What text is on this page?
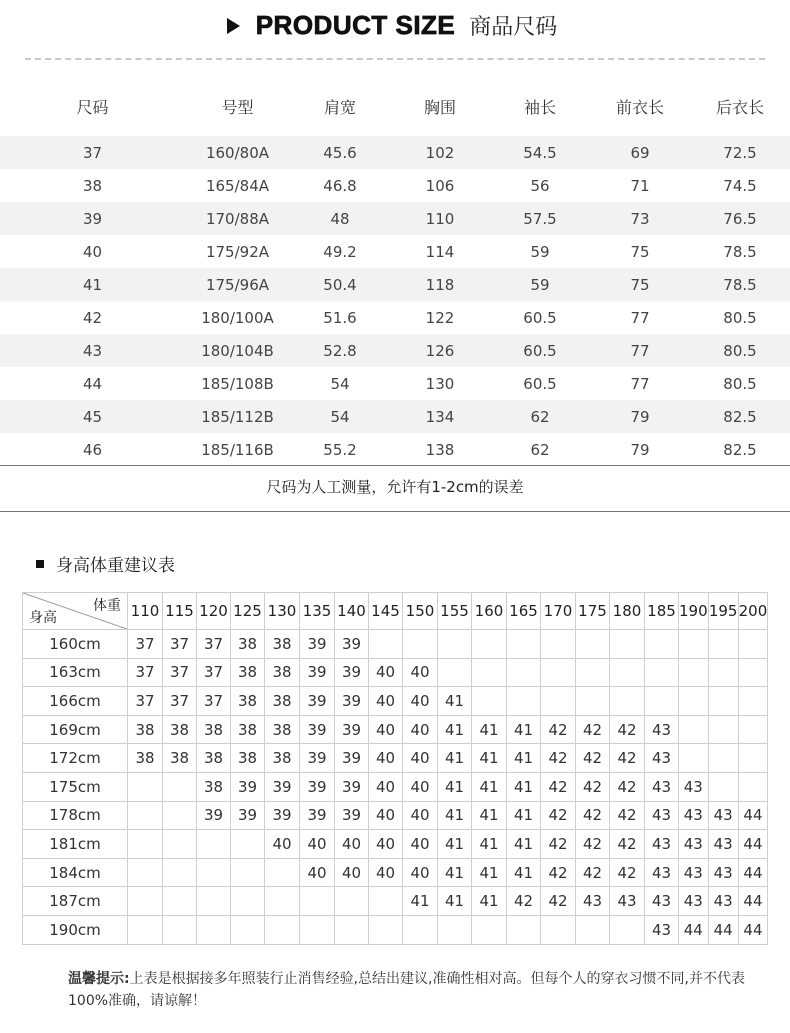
PRODUCT SIZE 商品尺码
尺码	号型	肩宽	胸围	袖长	前衣长	后衣长
37	160/80A	45.6	102	54.5	69	72.5
38	165/84A	46.8	106	56	71	74.5
39	170/88A	48	110	57.5	73	76.5
40	175/92A	49.2	114	59	75	78.5
41	175/96A	50.4	118	59	75	78.5
42	180/100A	51.6	122	60.5	77	80.5
43	180/104B	52.8	126	60.5	77	80.5
44	185/108B	54	130	60.5	77	80.5
45	185/112B	54	134	62	79	82.5
46	185/116B	55.2	138	62	79	82.5
尺码为人工测量，允许有1-2cm的误差
身高体重建议表
体重
身高	110	115	120	125	130	135	140	145	150	155	160	165	170	175	180	185	190	195	200
160cm	37	37	37	38	38	39	39												
163cm	37	37	37	38	38	39	39	40	40										
166cm	37	37	37	38	38	39	39	40	40	41									
169cm	38	38	38	38	38	39	39	40	40	41	41	41	42	42	42	43			
172cm	38	38	38	38	38	39	39	40	40	41	41	41	42	42	42	43			
175cm			38	39	39	39	39	40	40	41	41	41	42	42	42	43	43		
178cm			39	39	39	39	39	40	40	41	41	41	42	42	42	43	43	43	44
181cm					40	40	40	40	40	41	41	41	42	42	42	43	43	43	44
184cm						40	40	40	40	41	41	41	42	42	42	43	43	43	44
187cm									41	41	41	42	42	43	43	43	43	43	44
190cm																43	44	44	44
温馨提示:上表是根据接多年照装行止消售经验,总结出建议,准确性相对高。但每个人的穿衣习惯不同,并不代表100%准确，请谅解！
